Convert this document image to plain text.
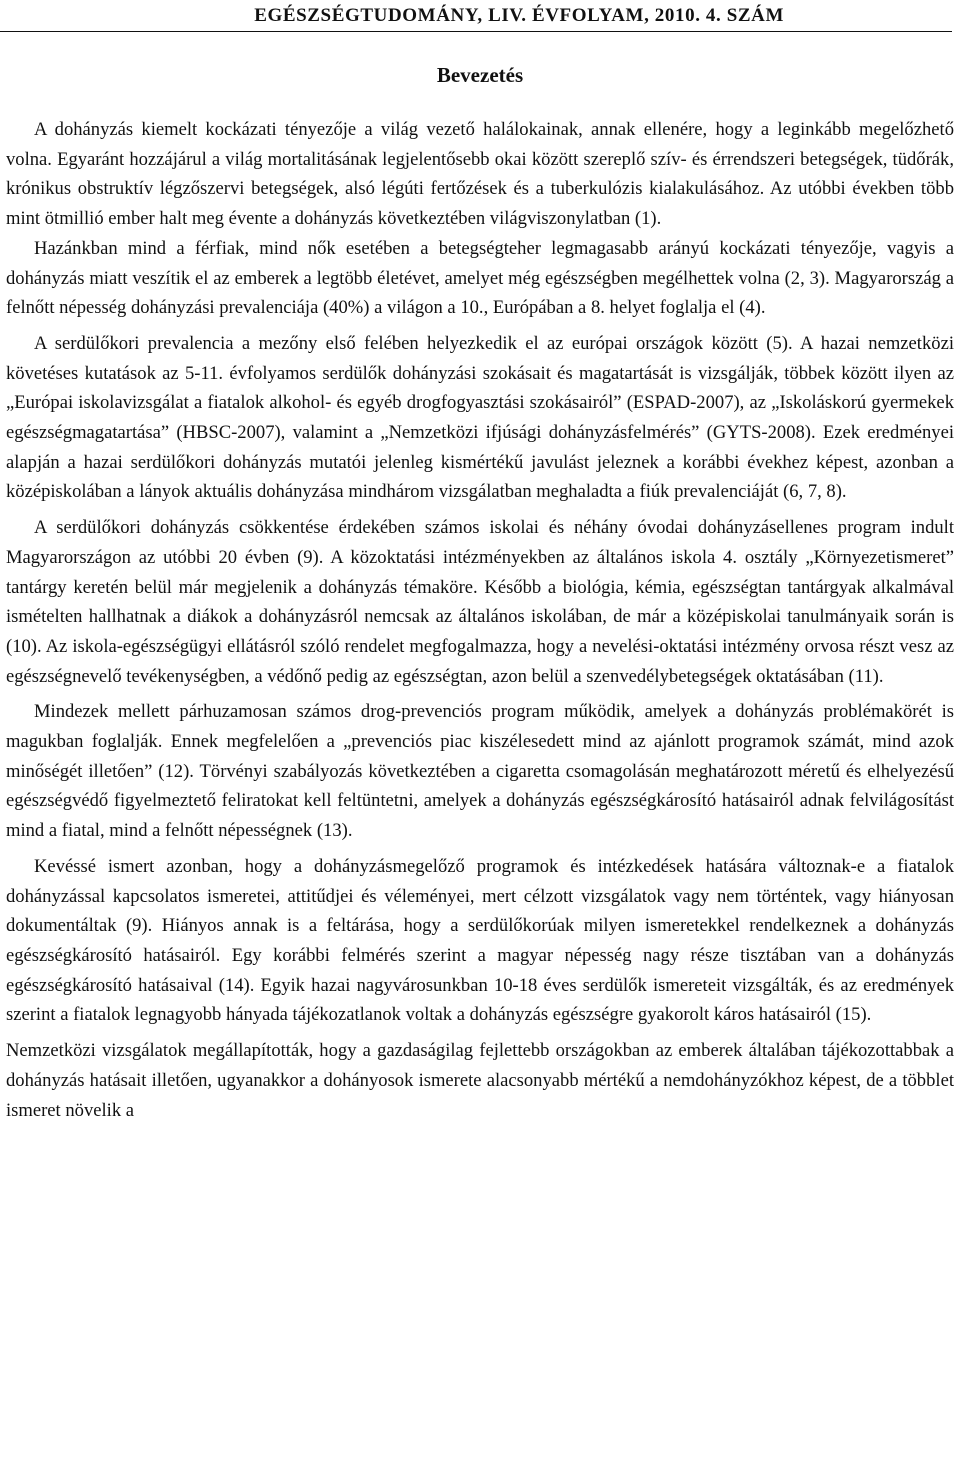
EGÉSZSÉGTUDOMÁNY, LIV. ÉVFOLYAM, 2010. 4. SZÁM
Bevezetés

A dohányzás kiemelt kockázati tényezője a világ vezető halálokainak, annak ellenére, hogy a leginkább megelőzhető volna. Egyaránt hozzájárul a világ mortalitásának legjelentősebb okai között szereplő szív- és érrendszeri betegségek, tüdőrák, krónikus obstruktív légzőszervi betegségek, alsó légúti fertőzések és a tuberkulózis kialakulásához. Az utóbbi években több mint ötmillió ember halt meg évente a dohányzás következtében világviszonylatban (1).

Hazánkban mind a férfiak, mind nők esetében a betegségteher legmagasabb arányú kockázati tényezője, vagyis a dohányzás miatt veszítik el az emberek a legtöbb életévet, amelyet még egészségben megélhettek volna (2, 3). Magyarország a felnőtt népesség dohányzási prevalenciája (40%) a világon a 10., Európában a 8. helyet foglalja el (4).

A serdülőkori prevalencia a mezőny első felében helyezkedik el az európai országok között (5). A hazai nemzetközi követéses kutatások az 5-11. évfolyamos serdülők dohányzási szokásait és magatartását is vizsgálják, többek között ilyen az „Európai iskolavizsgálat a fiatalok alkohol- és egyéb drogfogyasztási szokásairól” (ESPAD-2007), az „Iskoláskorú gyermekek egészségmagatartása” (HBSC-2007), valamint a „Nemzetközi ifjúsági dohányzásfelmérés” (GYTS-2008). Ezek eredményei alapján a hazai serdülőkori dohányzás mutatói jelenleg kismértékű javulást jeleznek a korábbi évekhez képest, azonban a középiskolában a lányok aktuális dohányzása mindhárom vizsgálatban meghaladta a fiúk prevalenciáját (6, 7, 8).

A serdülőkori dohányzás csökkentése érdekében számos iskolai és néhány óvodai dohányzásellenes program indult Magyarországon az utóbbi 20 évben (9). A közoktatási intézményekben az általános iskola 4. osztály „Környezetismeret” tantárgy keretén belül már megjelenik a dohányzás témaköre. Később a biológia, kémia, egészségtan tantárgyak alkalmával ismételten hallhatnak a diákok a dohányzásról nemcsak az általános iskolában, de már a középiskolai tanulmányaik során is (10). Az iskola-egészségügyi ellátásról szóló rendelet megfogalmazza, hogy a nevelési-oktatási intézmény orvosa részt vesz az egészségnevelő tevékenységben, a védőnő pedig az egészségtan, azon belül a szenvedélybetegségek oktatásában (11).

Mindezek mellett párhuzamosan számos drog-prevenciós program működik, amelyek a dohányzás problémakörét is magukban foglalják. Ennek megfelelően a „prevenciós piac kiszélesedett mind az ajánlott programok számát, mind azok minőségét illetően” (12). Törvényi szabályozás következtében a cigaretta csomagolásán meghatározott méretű és elhelyezésű egészségvédő figyelmeztető feliratokat kell feltüntetni, amelyek a dohányzás egészségkárosító hatásairól adnak felvilágosítást mind a fiatal, mind a felnőtt népességnek (13).

Kevéssé ismert azonban, hogy a dohányzásmegelőző programok és intézkedések hatására változnak-e a fiatalok dohányzással kapcsolatos ismeretei, attitűdjei és véleményei, mert célzott vizsgálatok vagy nem történtek, vagy hiányosan dokumentáltak (9). Hiányos annak is a feltárása, hogy a serdülőkorúak milyen ismeretekkel rendelkeznek a dohányzás egészségkárosító hatásairól. Egy korábbi felmérés szerint a magyar népesség nagy része tisztában van a dohányzás egészségkárosító hatásaival (14). Egyik hazai nagyvárosunkban 10-18 éves serdülők ismereteit vizsgálták, és az eredmények szerint a fiatalok legnagyobb hányada tájékozatlanok voltak a dohányzás egészségre gyakorolt káros hatásairól (15).

Nemzetközi vizsgálatok megállapították, hogy a gazdaságilag fejlettebb országokban az emberek általában tájékozottabbak a dohányzás hatásait illetően, ugyanakkor a dohányosok ismerete alacsonyabb mértékű a nemdohányzókhoz képest, de a többlet ismeret növelik a
